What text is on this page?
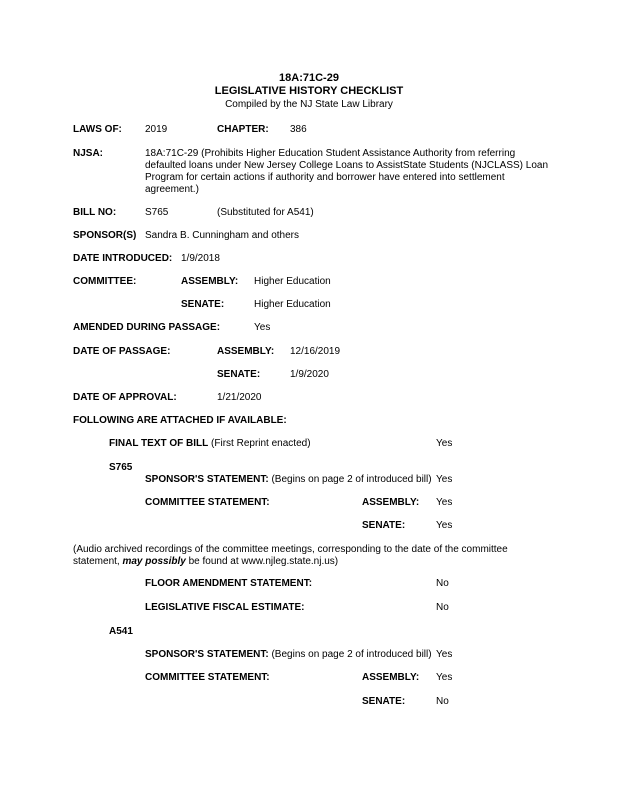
18A:71C-29
LEGISLATIVE HISTORY CHECKLIST
Compiled by the NJ State Law Library
LAWS OF: 2019	CHAPTER: 386
NJSA:	18A:71C-29 (Prohibits Higher Education Student Assistance Authority from referring
defaulted loans under New Jersey College Loans to AssistState Students (NJCLASS) Loan
Program for certain actions if authority and borrower have entered into settlement
agreement.)
BILL NO:	S765	(Substituted for A541)
SPONSOR(S) Sandra B. Cunningham and others
DATE INTRODUCED: 1/9/2018
COMMITTEE:	ASSEMBLY: Higher Education
SENATE:	Higher Education
AMENDED DURING PASSAGE:	Yes
DATE OF PASSAGE:	ASSEMBLY: 12/16/2019
SENATE:	1/9/2020
DATE OF APPROVAL:	1/21/2020
FOLLOWING ARE ATTACHED IF AVAILABLE:
FINAL TEXT OF BILL (First Reprint enacted)	Yes
S765
SPONSOR'S STATEMENT: (Begins on page 2 of introduced bill) Yes
COMMITTEE STATEMENT:	ASSEMBLY: Yes
SENATE:	Yes
(Audio archived recordings of the committee meetings, corresponding to the date of the committee
statement, may possibly be found at www.njleg.state.nj.us)
FLOOR AMENDMENT STATEMENT:	No
LEGISLATIVE FISCAL ESTIMATE:	No
A541
SPONSOR'S STATEMENT: (Begins on page 2 of introduced bill) Yes
COMMITTEE STATEMENT:	ASSEMBLY: Yes
SENATE:	No
